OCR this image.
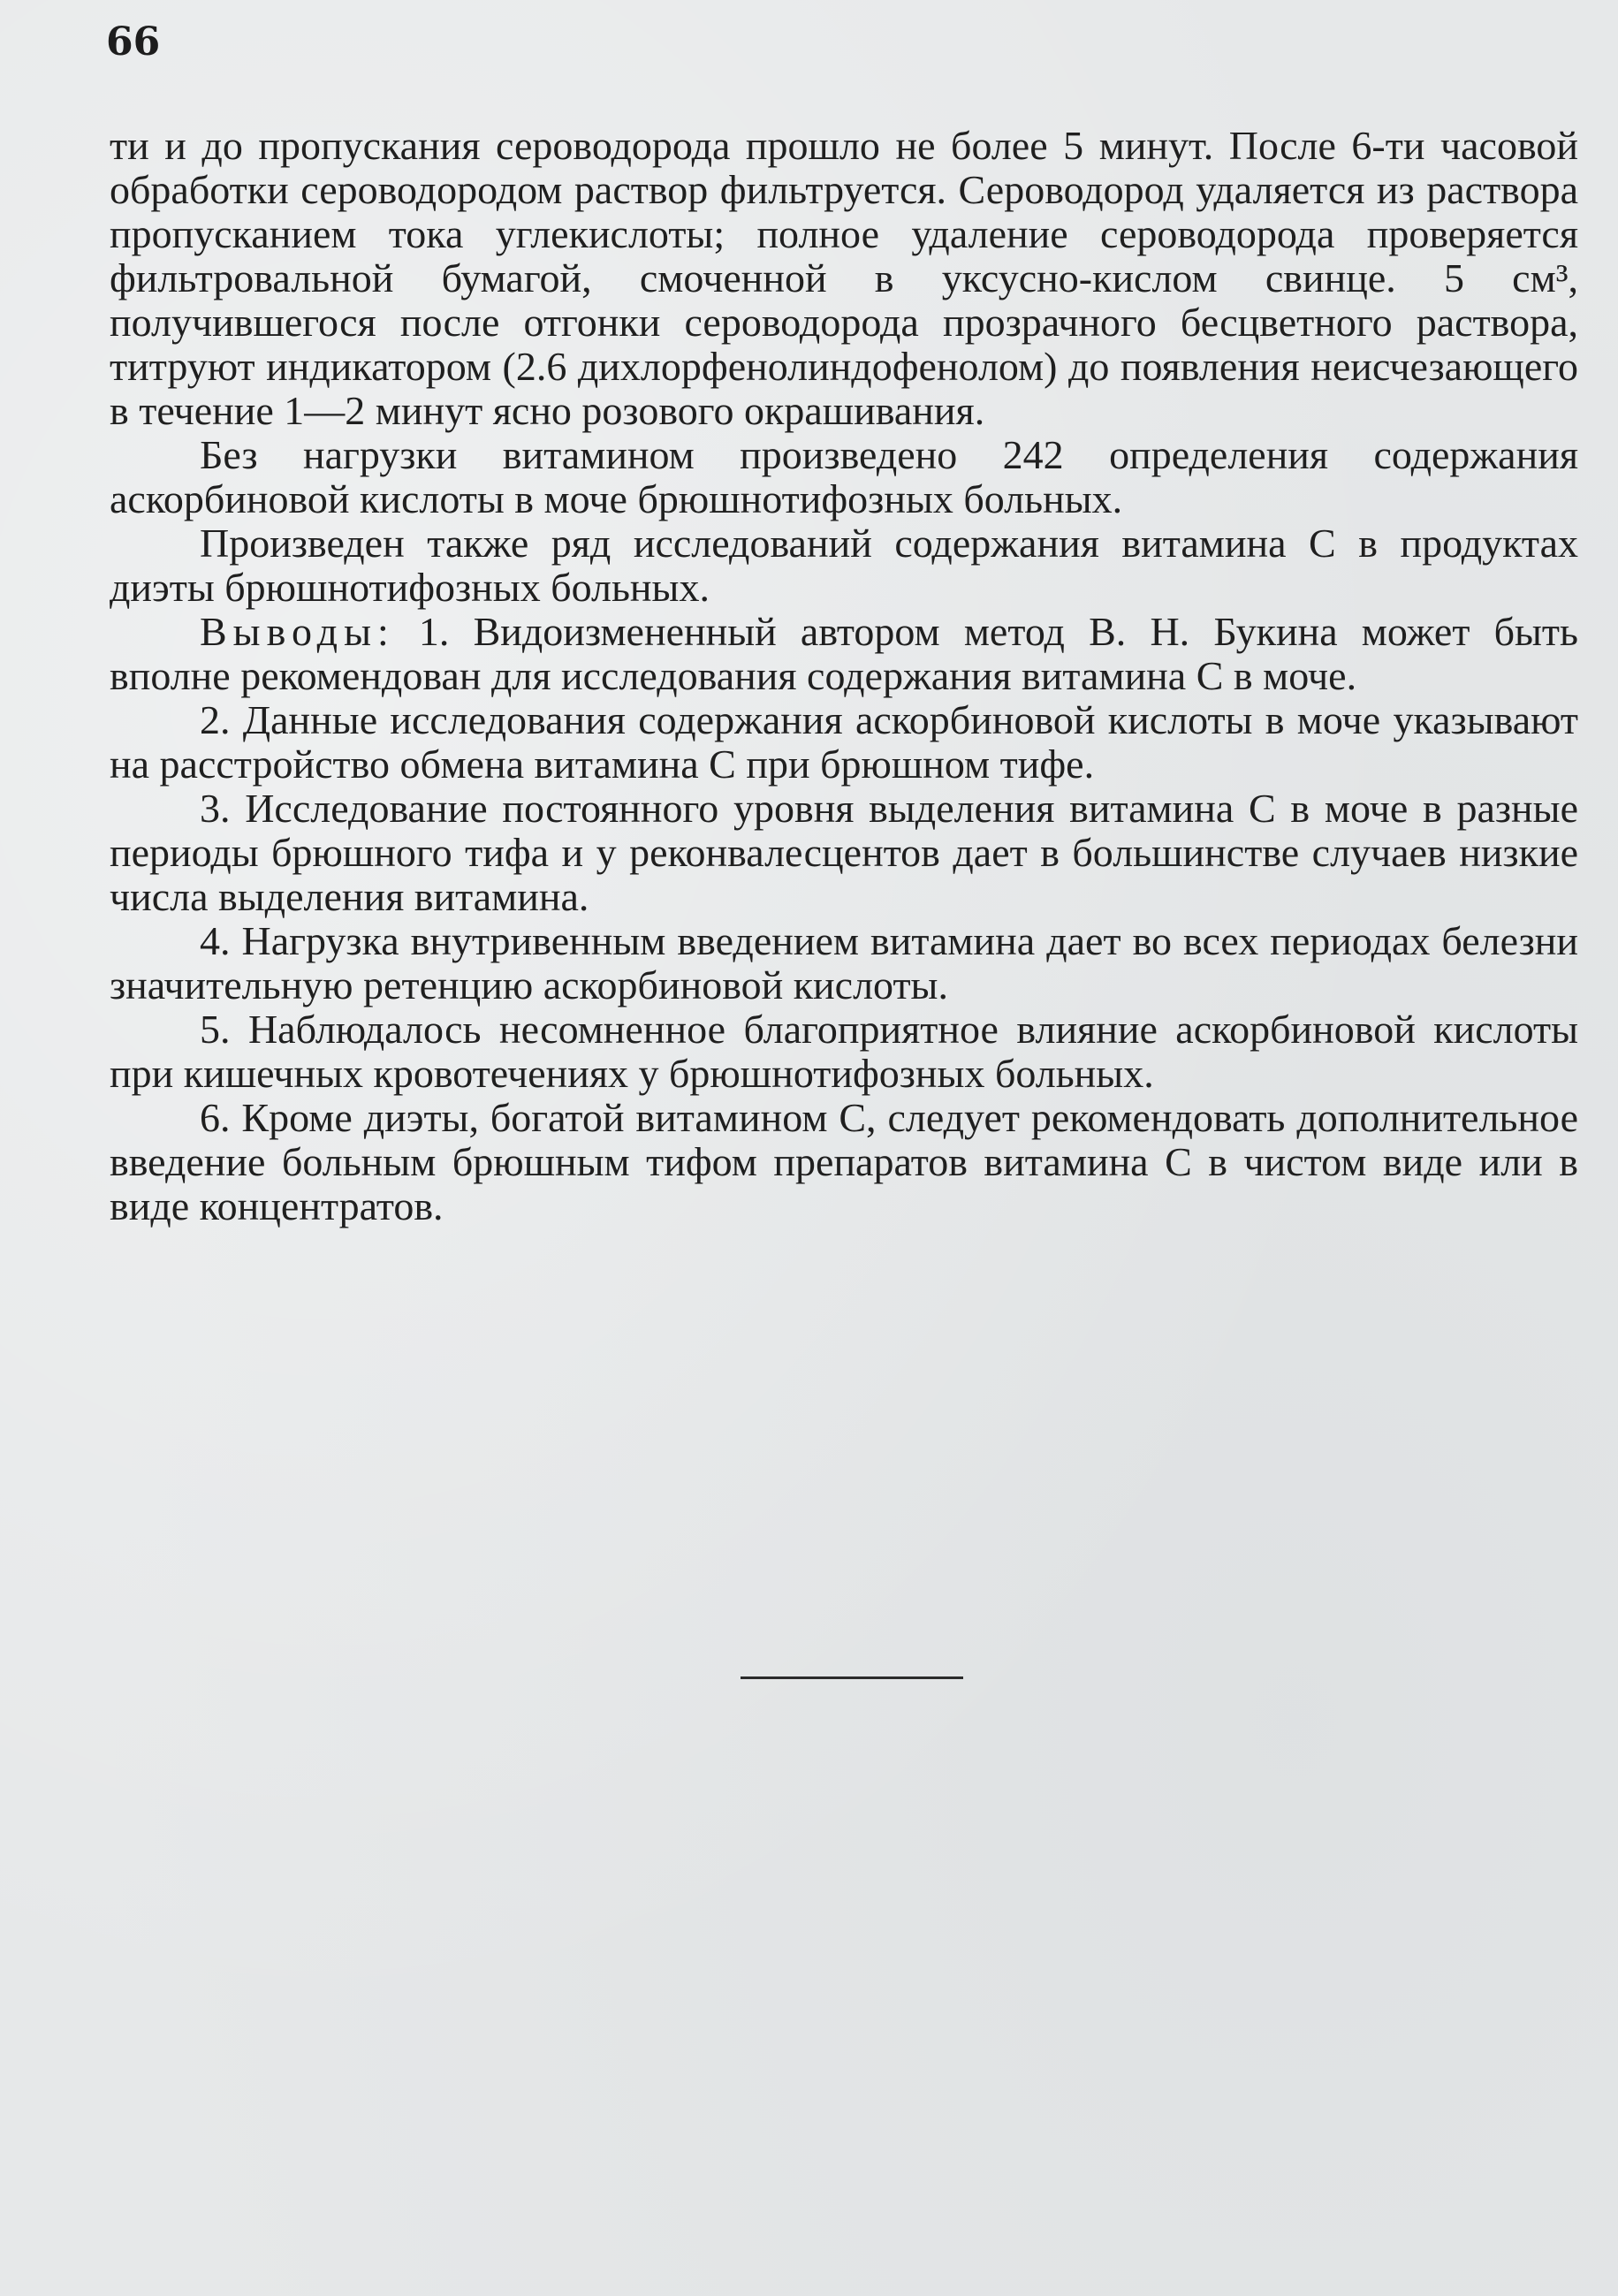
66

ти и до пропускания сероводорода прошло не более 5 минут. После 6-ти часовой обработки сероводородом раствор фильтруется. Сероводород удаляется из раствора пропусканием тока углекислоты; полное удаление сероводорода проверяется фильтровальной бумагой, смоченной в уксусно-кислом свинце. 5 см³, получившегося после отгонки сероводорода прозрачного бесцветного раствора, титруют индикатором (2.6 дихлорфенолиндофенолом) до появления неисчезающего в течение 1—2 минут ясно розового окрашивания.

Без нагрузки витамином произведено 242 определения содержания аскорбиновой кислоты в моче брюшнотифозных больных.

Произведен также ряд исследований содержания витамина С в продуктах диэты брюшнотифозных больных.

Выводы: 1. Видоизмененный автором метод В. Н. Букина может быть вполне рекомендован для исследования содержания витамина С в моче.

2. Данные исследования содержания аскорбиновой кислоты в моче указывают на расстройство обмена витамина С при брюшном тифе.

3. Исследование постоянного уровня выделения витамина С в моче в разные периоды брюшного тифа и у реконвалесцентов дает в большинстве случаев низкие числа выделения витамина.

4. Нагрузка внутривенным введением витамина дает во всех периодах белезни значительную ретенцию аскорбиновой кислоты.

5. Наблюдалось несомненное благоприятное влияние аскорбиновой кислоты при кишечных кровотечениях у брюшнотифозных больных.

6. Кроме диэты, богатой витамином С, следует рекомендовать дополнительное введение больным брюшным тифом препаратов витамина С в чистом виде или в виде концентратов.
